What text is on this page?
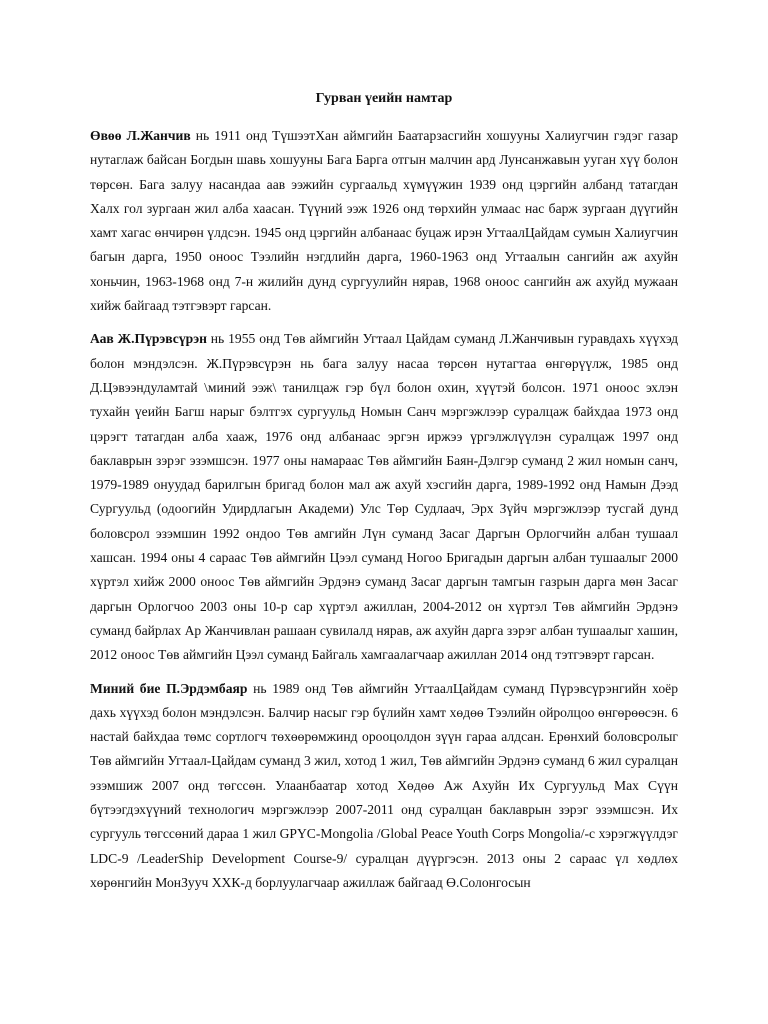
Гурван үеийн намтар

Өвөө Л.Жанчив нь 1911 онд ТүшээтХан аймгийн Баатарзасгийн хошууны Халиугчин гэдэг газар нутаглаж байсан Богдын шавь хошууны Бага Барга отгын малчин ард Лунсанжавын ууган хүү болон төрсөн. Бага залуу насандаа аав ээжийн сургаальд хүмүүжин 1939 онд цэргийн албанд татагдан Халх гол зургаан жил алба хаасан. Түүний ээж 1926 онд төрхийн улмаас нас барж зургаан дүүгийн хамт хагас өнчирөн үлдсэн. 1945 онд цэргийн албанаас буцаж ирэн УгтаалЦайдам сумын Халиугчин багын дарга, 1950 оноос Тээлийн нэгдлийн дарга, 1960-1963 онд Угтаалын сангийн аж ахуйн хоньчин, 1963-1968 онд 7-н жилийн дунд сургуулийн нярав, 1968 оноос сангийн аж ахуйд мужаан хийж байгаад тэтгэвэрт гарсан.

Аав Ж.Пүрэвсүрэн нь 1955 онд Төв аймгийн Угтаал Цайдам суманд Л.Жанчивын гуравдахь хүүхэд болон мэндэлсэн. Ж.Пүрэвсүрэн нь бага залуу насаа төрсөн нутагтаа өнгөрүүлж, 1985 онд Д.Цэвээндуламтай \миний ээж\ танилцаж гэр бүл болон охин, хүүтэй болсон. 1971 оноос эхлэн тухайн үеийн Багш нарыг бэлтгэх сургуульд Номын Санч мэргэжлээр суралцаж байхдаа 1973 онд цэрэгт татагдан алба хааж, 1976 онд албанаас эргэн иржээ үргэлжлүүлэн суралцаж 1997 онд баклаврын зэрэг эзэмшсэн. 1977 оны намараас Төв аймгийн Баян-Дэлгэр суманд 2 жил номын санч, 1979-1989 онуудад барилгын бригад болон мал аж ахуй хэсгийн дарга, 1989-1992 онд Намын Дээд Сургуульд (одоогийн Удирдлагын Академи) Улс Төр Судлаач, Эрх Зүйч мэргэжлээр тусгай дунд боловсрол эзэмшин 1992 ондоо Төв амгийн Лүн суманд Засаг Даргын Орлогчийн албан тушаал хашсан. 1994 оны 4 сараас Төв аймгийн Цээл суманд Ногоо Бригадын даргын албан тушаалыг 2000 хүртэл хийж 2000 оноос Төв аймгийн Эрдэнэ суманд Засаг даргын тамгын газрын дарга мөн Засаг даргын Орлогчоо 2003 оны 10-р сар хүртэл ажиллан, 2004-2012 он хүртэл Төв аймгийн Эрдэнэ суманд байрлах Ар Жанчивлан рашаан сувилалд нярав, аж ахуйн дарга зэрэг албан тушаалыг хашин, 2012 оноос Төв аймгийн Цээл суманд Байгаль хамгаалагчаар ажиллан 2014 онд тэтгэвэрт гарсан.

Миний бие П.Эрдэмбаяр нь 1989 онд Төв аймгийн УгтаалЦайдам суманд Пүрэвсүрэнгийн хоёр дахь хүүхэд болон мэндэлсэн. Балчир насыг гэр бүлийн хамт хөдөө Тээлийн ойролцоо өнгөрөөсэн. 6 настай байхдаа төмс сортлогч төхөөрөмжинд орооцолдон зүүн гараа алдсан. Ерөнхий боловсролыг Төв аймгийн Угтаал-Цайдам суманд 3 жил, хотод 1 жил, Төв аймгийн Эрдэнэ суманд 6 жил суралцан эзэмшиж 2007 онд төгссөн. Улаанбаатар хотод Хөдөө Аж Ахуйн Их Сургуульд Мах Сүүн бүтээгдэхүүний технологич мэргэжлээр 2007-2011 онд суралцан баклаврын зэрэг эзэмшсэн. Их сургууль төгссөний дараа 1 жил GPYC-Mongolia /Global Peace Youth Corps Mongolia/-с хэрэгжүүлдэг LDC-9 /LeaderShip Development Course-9/ суралцан дүүргэсэн. 2013 оны 2 сараас үл хөдлөх хөрөнгийн МонЗууч ХХК-д борлуулагчаар ажиллаж байгаад Ө.Солонгосын
